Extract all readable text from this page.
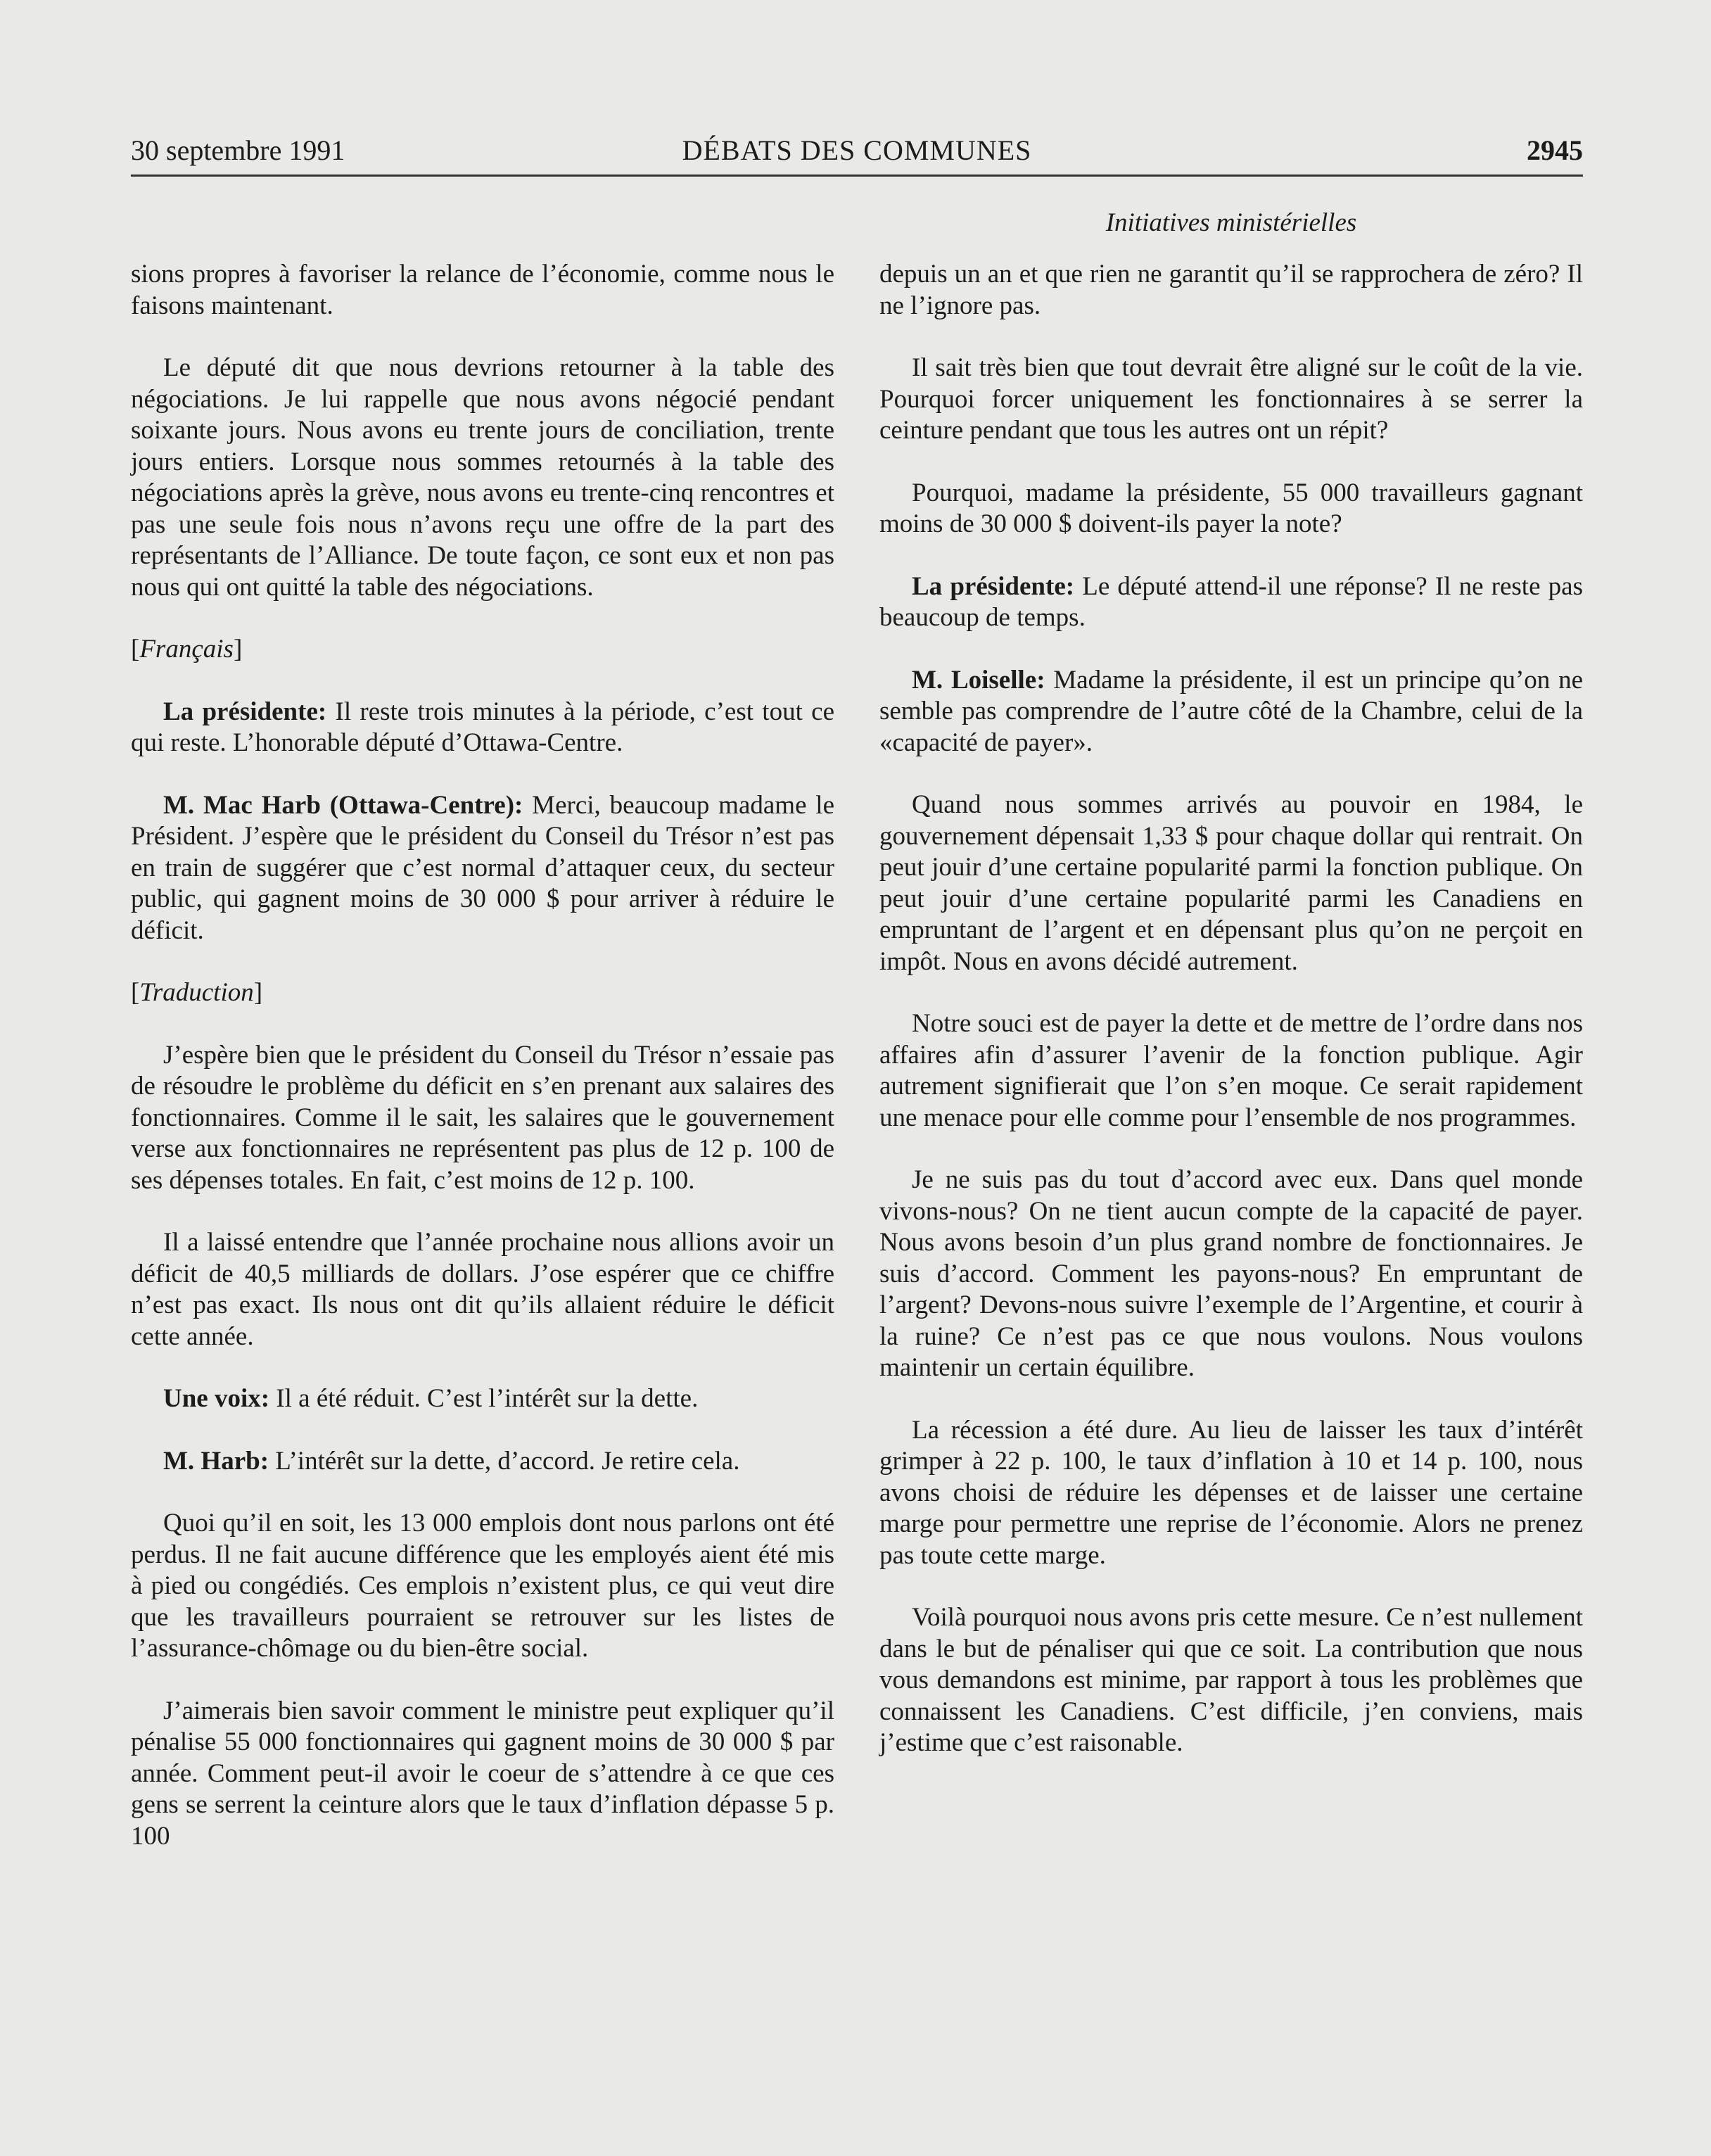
30 septembre 1991	DÉBATS DES COMMUNES	2945
Initiatives ministérielles

sions propres à favoriser la relance de l’économie, comme nous le faisons maintenant.

Le député dit que nous devrions retourner à la table des négociations. Je lui rappelle que nous avons négocié pendant soixante jours. Nous avons eu trente jours de conciliation, trente jours entiers. Lorsque nous sommes retournés à la table des négociations après la grève, nous avons eu trente-cinq rencontres et pas une seule fois nous n’avons reçu une offre de la part des représentants de l’Alliance. De toute façon, ce sont eux et non pas nous qui ont quitté la table des négociations.

[Français]

La présidente: Il reste trois minutes à la période, c’est tout ce qui reste. L’honorable député d’Ottawa-Centre.

M. Mac Harb (Ottawa-Centre): Merci, beaucoup madame le Président. J’espère que le président du Conseil du Trésor n’est pas en train de suggérer que c’est normal d’attaquer ceux, du secteur public, qui gagnent moins de 30 000 $ pour arriver à réduire le déficit.

[Traduction]

J’espère bien que le président du Conseil du Trésor n’essaie pas de résoudre le problème du déficit en s’en prenant aux salaires des fonctionnaires. Comme il le sait, les salaires que le gouvernement verse aux fonctionnaires ne représentent pas plus de 12 p. 100 de ses dépenses totales. En fait, c’est moins de 12 p. 100.

Il a laissé entendre que l’année prochaine nous allions avoir un déficit de 40,5 milliards de dollars. J’ose espérer que ce chiffre n’est pas exact. Ils nous ont dit qu’ils allaient réduire le déficit cette année.

Une voix: Il a été réduit. C’est l’intérêt sur la dette.

M. Harb: L’intérêt sur la dette, d’accord. Je retire cela.

Quoi qu’il en soit, les 13 000 emplois dont nous parlons ont été perdus. Il ne fait aucune différence que les employés aient été mis à pied ou congédiés. Ces emplois n’existent plus, ce qui veut dire que les travailleurs pourraient se retrouver sur les listes de l’assurance-chômage ou du bien-être social.

J’aimerais bien savoir comment le ministre peut expliquer qu’il pénalise 55 000 fonctionnaires qui gagnent moins de 30 000 $ par année. Comment peut-il avoir le coeur de s’attendre à ce que ces gens se serrent la ceinture alors que le taux d’inflation dépasse 5 p. 100

depuis un an et que rien ne garantit qu’il se rapprochera de zéro? Il ne l’ignore pas.

Il sait très bien que tout devrait être aligné sur le coût de la vie. Pourquoi forcer uniquement les fonctionnaires à se serrer la ceinture pendant que tous les autres ont un répit?

Pourquoi, madame la présidente, 55 000 travailleurs gagnant moins de 30 000 $ doivent-ils payer la note?

La présidente: Le député attend-il une réponse? Il ne reste pas beaucoup de temps.

M. Loiselle: Madame la présidente, il est un principe qu’on ne semble pas comprendre de l’autre côté de la Chambre, celui de la «capacité de payer».

Quand nous sommes arrivés au pouvoir en 1984, le gouvernement dépensait 1,33 $ pour chaque dollar qui rentrait. On peut jouir d’une certaine popularité parmi la fonction publique. On peut jouir d’une certaine popularité parmi les Canadiens en empruntant de l’argent et en dépensant plus qu’on ne perçoit en impôt. Nous en avons décidé autrement.

Notre souci est de payer la dette et de mettre de l’ordre dans nos affaires afin d’assurer l’avenir de la fonction publique. Agir autrement signifierait que l’on s’en moque. Ce serait rapidement une menace pour elle comme pour l’ensemble de nos programmes.

Je ne suis pas du tout d’accord avec eux. Dans quel monde vivons-nous? On ne tient aucun compte de la capacité de payer. Nous avons besoin d’un plus grand nombre de fonctionnaires. Je suis d’accord. Comment les payons-nous? En empruntant de l’argent? Devons-nous suivre l’exemple de l’Argentine, et courir à la ruine? Ce n’est pas ce que nous voulons. Nous voulons maintenir un certain équilibre.

La récession a été dure. Au lieu de laisser les taux d’intérêt grimper à 22 p. 100, le taux d’inflation à 10 et 14 p. 100, nous avons choisi de réduire les dépenses et de laisser une certaine marge pour permettre une reprise de l’économie. Alors ne prenez pas toute cette marge.

Voilà pourquoi nous avons pris cette mesure. Ce n’est nullement dans le but de pénaliser qui que ce soit. La contribution que nous vous demandons est minime, par rapport à tous les problèmes que connaissent les Canadiens. C’est difficile, j’en conviens, mais j’estime que c’est raisonable.
